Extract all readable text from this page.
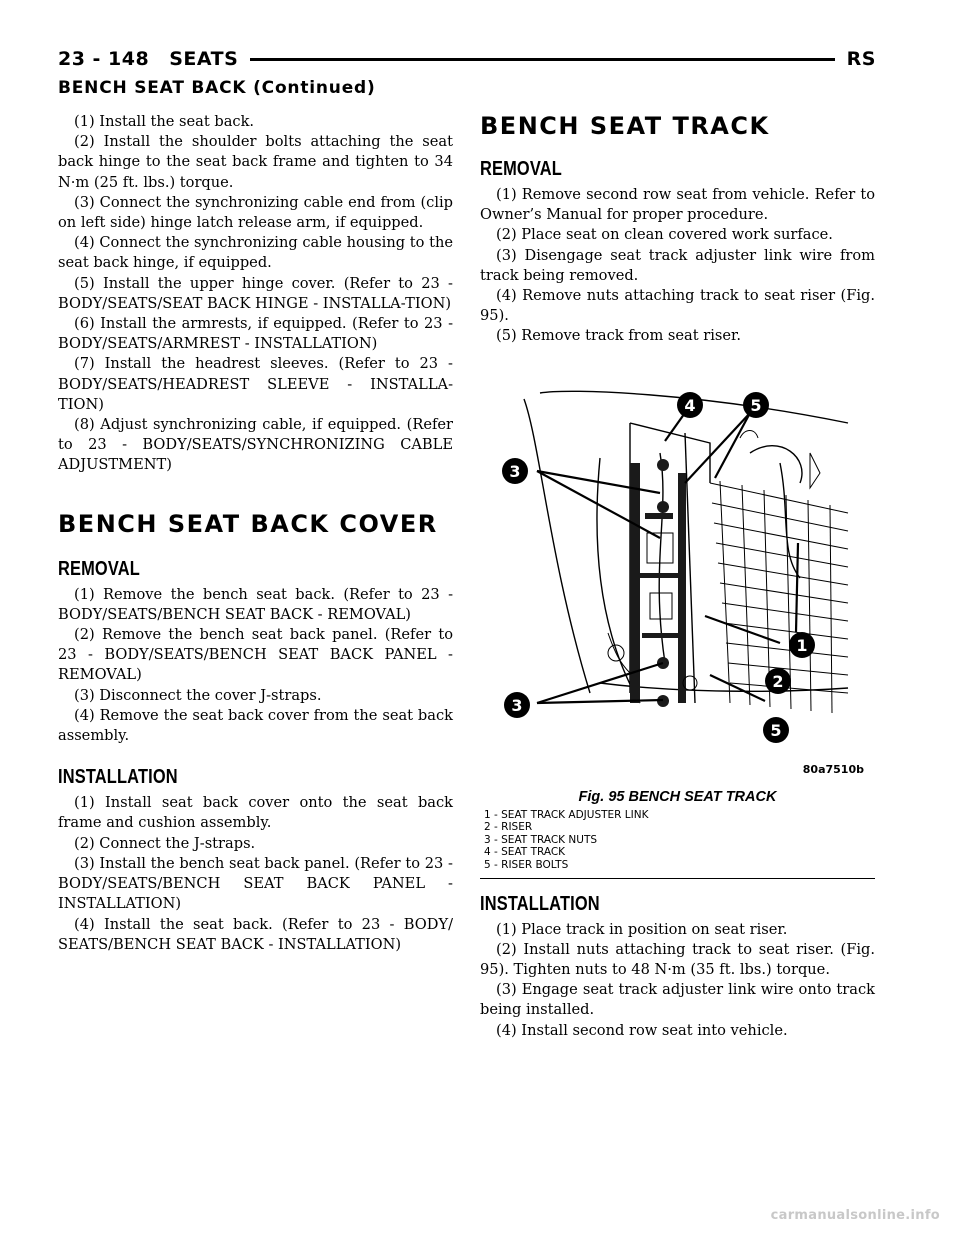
23 - 148 SEATS	RS
BENCH SEAT BACK (Continued)

(1) Install the seat back.

(2) Install the shoulder bolts attaching the seat back hinge to the seat back frame and tighten to 34 N·m (25 ft. lbs.) torque.

(3) Connect the synchronizing cable end from (clip on left side) hinge latch release arm, if equipped.

(4) Connect the synchronizing cable housing to the seat back hinge, if equipped.

(5) Install the upper hinge cover. (Refer to 23 - BODY/SEATS/SEAT BACK HINGE - INSTALLA-TION)

(6) Install the armrests, if equipped. (Refer to 23 - BODY/SEATS/ARMREST - INSTALLATION)

(7) Install the headrest sleeves. (Refer to 23 - BODY/SEATS/HEADREST SLEEVE - INSTALLA-TION)

(8) Adjust synchronizing cable, if equipped. (Refer to 23 - BODY/SEATS/SYNCHRONIZING CABLE ADJUSTMENT)

BENCH SEAT BACK COVER
REMOVAL

(1) Remove the bench seat back. (Refer to 23 - BODY/SEATS/BENCH SEAT BACK - REMOVAL)

(2) Remove the bench seat back panel. (Refer to 23 - BODY/SEATS/BENCH SEAT BACK PANEL - REMOVAL)

(3) Disconnect the cover J-straps.

(4) Remove the seat back cover from the seat back assembly.

INSTALLATION

(1) Install seat back cover onto the seat back frame and cushion assembly.

(2) Connect the J-straps.

(3) Install the bench seat back panel. (Refer to 23 - BODY/SEATS/BENCH SEAT BACK PANEL - INSTALLATION)

(4) Install the seat back. (Refer to 23 - BODY/ SEATS/BENCH SEAT BACK - INSTALLATION)

BENCH SEAT TRACK
REMOVAL

(1) Remove second row seat from vehicle. Refer to Owner’s Manual for proper procedure.

(2) Place seat on clean covered work surface.

(3) Disengage seat track adjuster link wire from track being removed.

(4) Remove nuts attaching track to seat riser (Fig. 95).

(5) Remove track from seat riser.

4	5
3
1
2
3
5
80a7510b
Fig. 95 BENCH SEAT TRACK
1 - SEAT TRACK ADJUSTER LINK
2 - RISER
3 - SEAT TRACK NUTS
4 - SEAT TRACK
5 - RISER BOLTS
INSTALLATION

(1) Place track in position on seat riser.

(2) Install nuts attaching track to seat riser. (Fig. 95). Tighten nuts to 48 N·m (35 ft. lbs.) torque.

(3) Engage seat track adjuster link wire onto track being installed.

(4) Install second row seat into vehicle.

carmanualsonline.info
